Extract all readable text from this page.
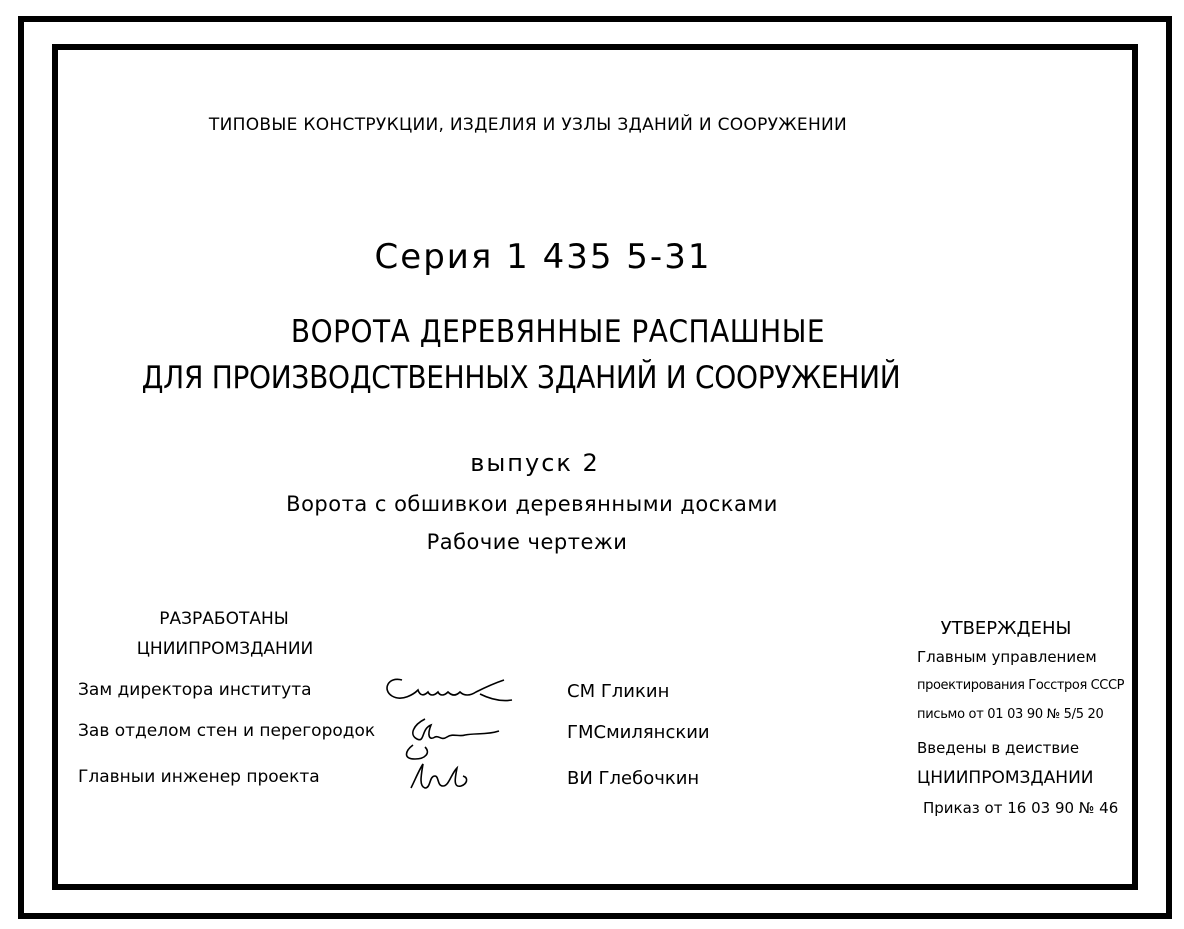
ТИПОВЫЕ КОНСТРУКЦИИ, ИЗДЕЛИЯ И УЗЛЫ ЗДАНИЙ И СООРУЖЕНИИ
Серия 1 435 5-31
ВОРОТА ДЕРЕВЯННЫЕ РАСПАШНЫЕ
ДЛЯ ПРОИЗВОДСТВЕННЫХ ЗДАНИЙ И СООРУЖЕНИЙ
выпуск 2
Ворота с обшивкои деревянными досками
Рабочие чертежи
РАЗРАБОТАНЫ
ЦНИИПРОМЗДАНИИ
Зам директора института
Зав отделом стен и перегородок
Главныи инженер проекта
СМ Гликин
ГМСмилянскии
ВИ Глебочкин
УТВЕРЖДЕНЫ
Главным управлением
проектирования Госстроя СССР
письмо от 01 03 90 № 5/5 20
Введены в деиствие
ЦНИИПРОМЗДАНИИ
Приказ от 16 03 90 № 46
